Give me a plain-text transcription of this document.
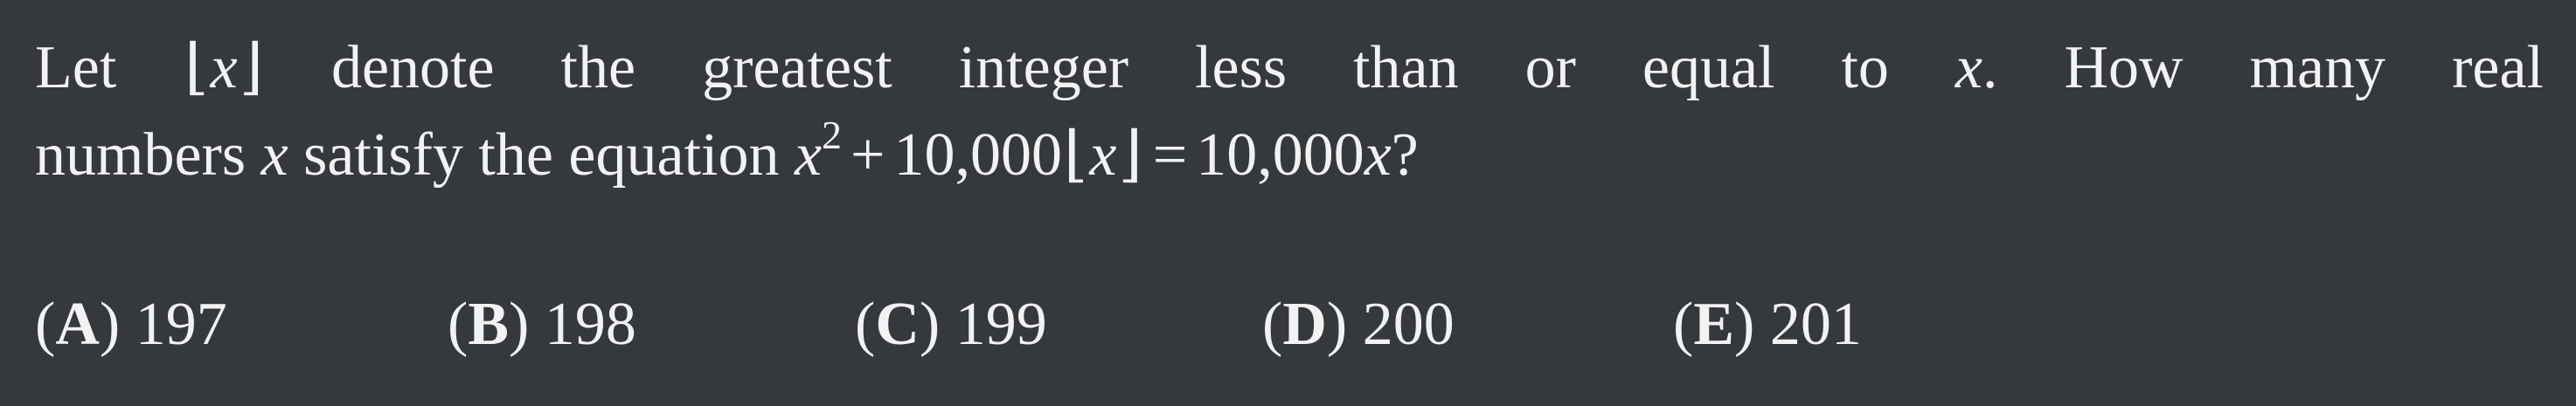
Let ⌊x⌋ denote the greatest integer less than or equal to x. How many real
numbers x satisfy the equation $x^2$ + 10,000⌊x⌋ = 10,000x?
(A) 197	(B) 198	(C) 199	(D) 200	(E) 201
